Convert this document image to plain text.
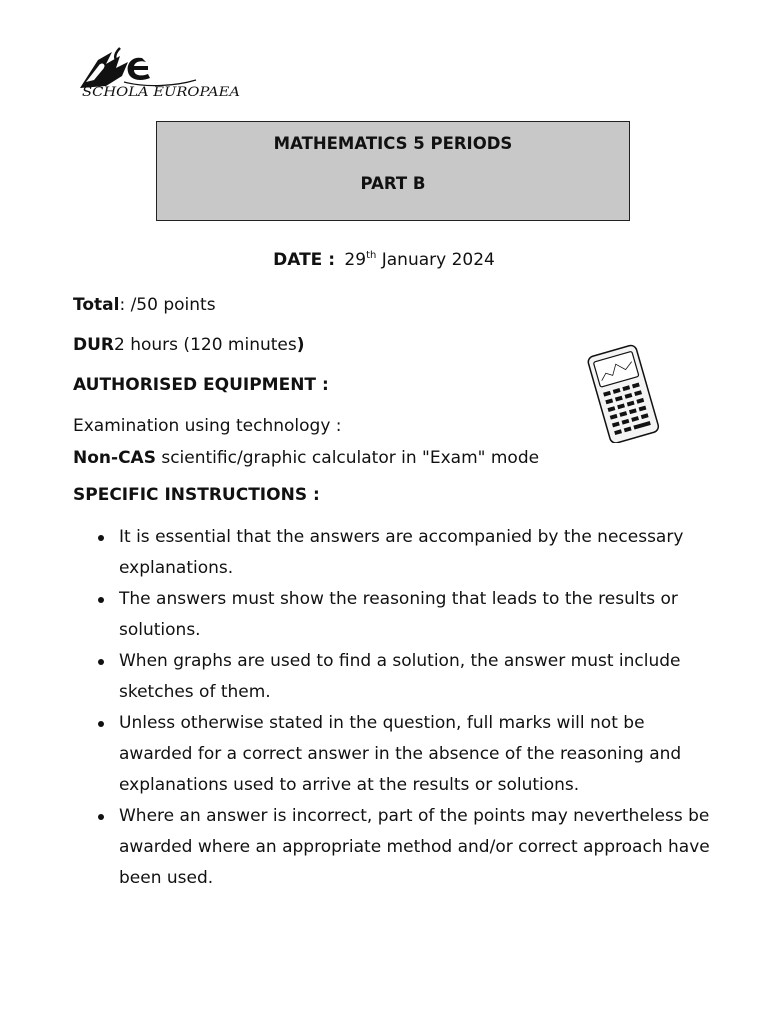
SCHOLA EUROPAEA
MATHEMATICS 5 PERIODS
PART B
DATE : 29th January 2024
Total: /50 points
DUR2 hours (120 minutes)
AUTHORISED EQUIPMENT :
Examination using technology :
Non-CAS scientific/graphic calculator in "Exam" mode
SPECIFIC INSTRUCTIONS :
It is essential that the answers are accompanied by the necessary explanations.
The answers must show the reasoning that leads to the results or solutions.
When graphs are used to find a solution, the answer must include sketches of them.
Unless otherwise stated in the question, full marks will not be awarded for a correct answer in the absence of the reasoning and explanations used to arrive at the results or solutions.
Where an answer is incorrect, part of the points may nevertheless be awarded where an appropriate method and/or correct approach have been used.
